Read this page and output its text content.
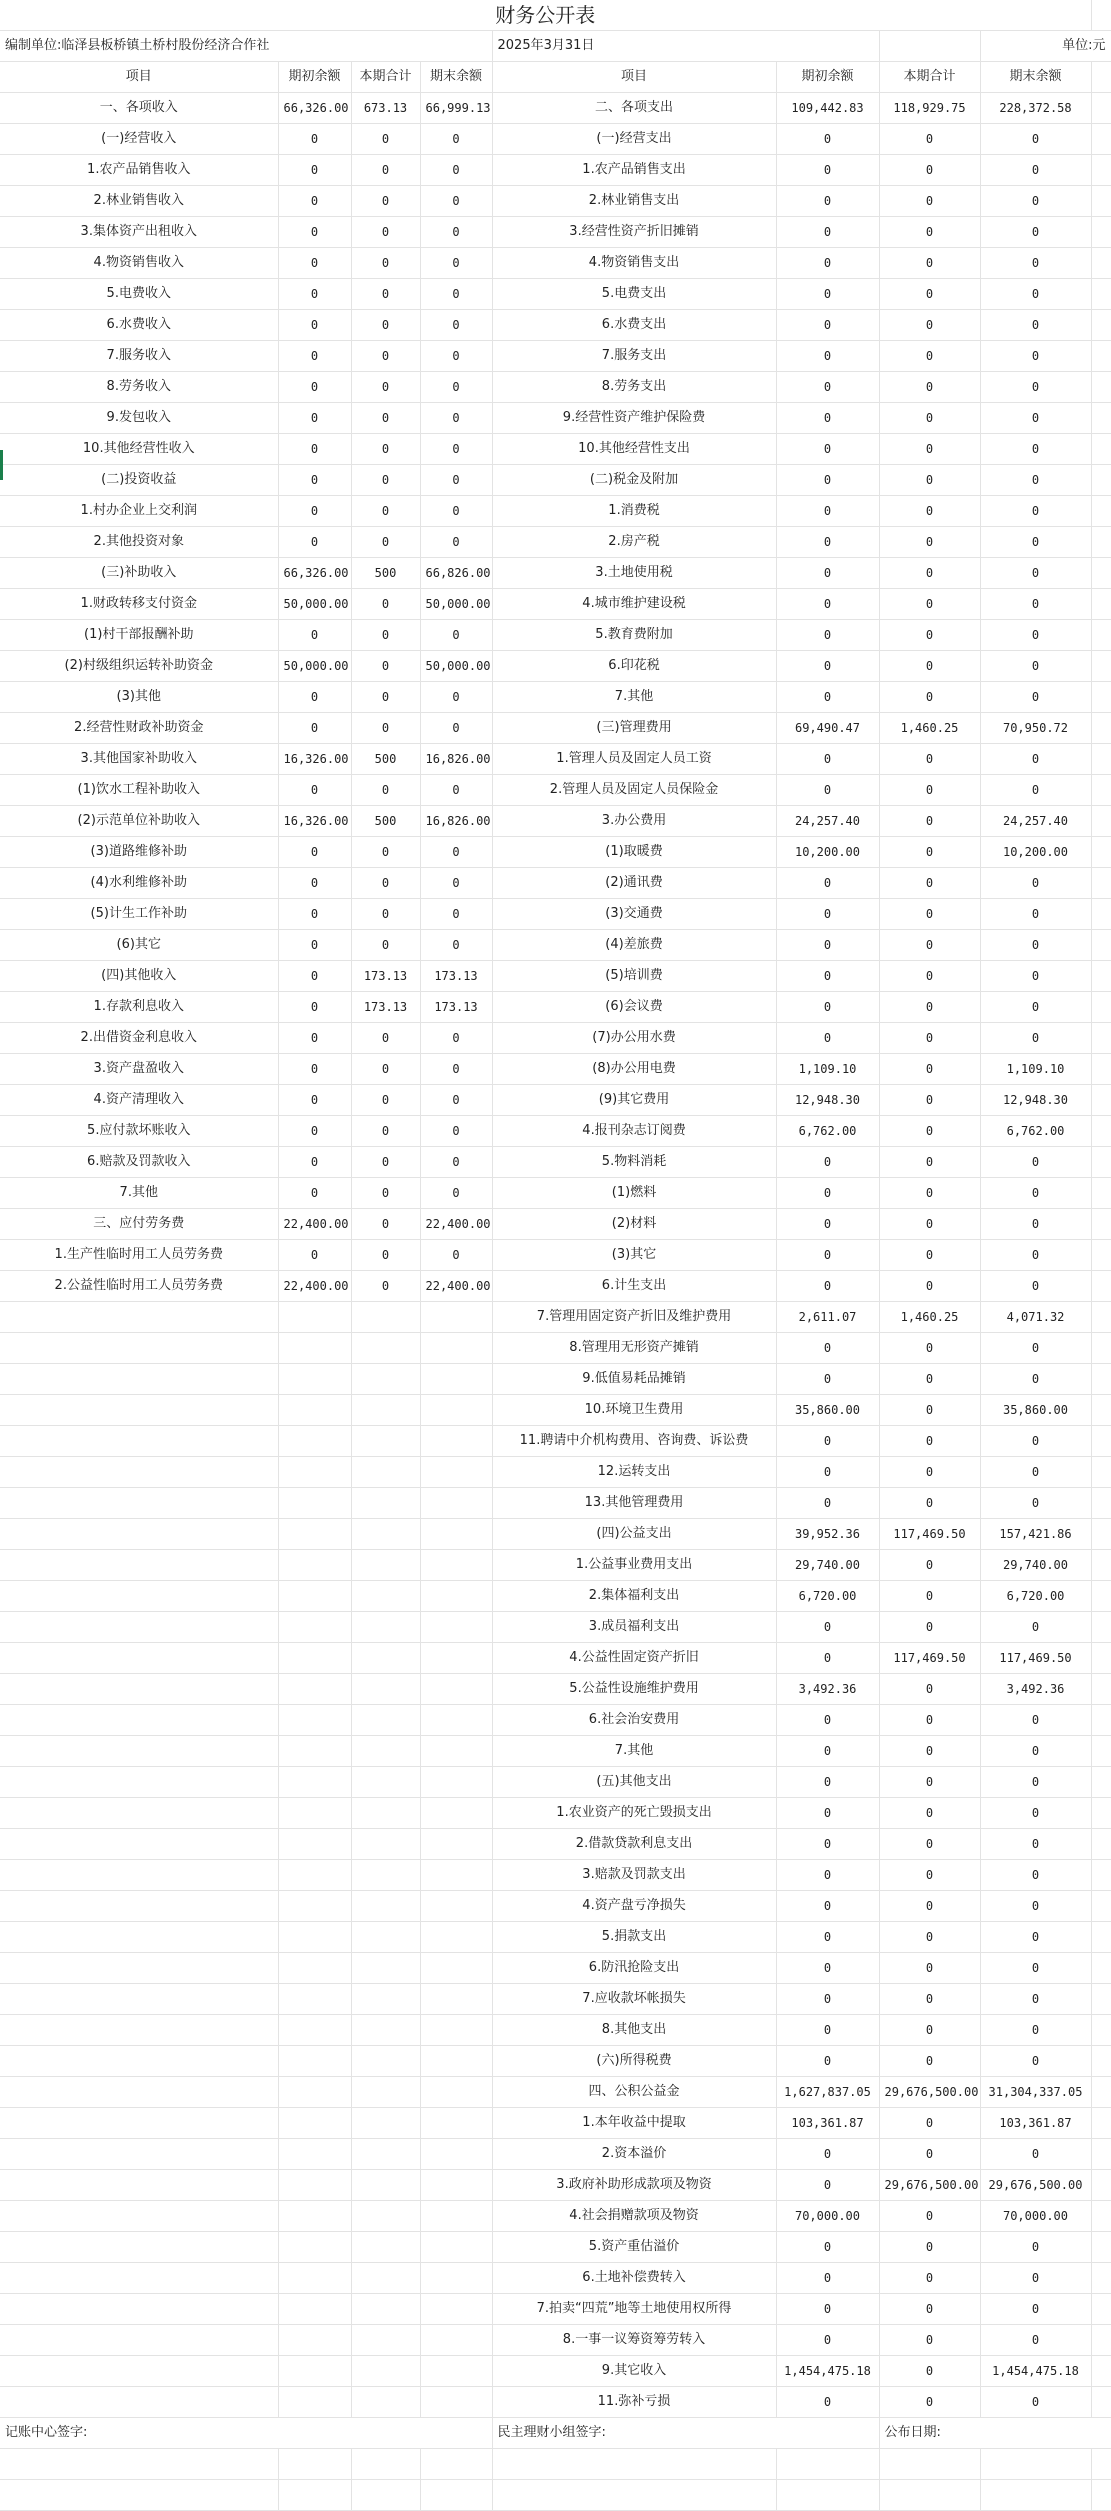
财务公开表								
编制单位:临泽县板桥镇土桥村股份经济合作社				2025年3月31日			单位:元	
项目	期初余额	本期合计	期末余额	项目	期初余额	本期合计	期末余额	
一、各项收入	66,326.00	673.13	66,999.13	二、各项支出	109,442.83	118,929.75	228,372.58	
(一)经营收入	0	0	0	(一)经营支出	0	0	0	
1.农产品销售收入	0	0	0	1.农产品销售支出	0	0	0	
2.林业销售收入	0	0	0	2.林业销售支出	0	0	0	
3.集体资产出租收入	0	0	0	3.经营性资产折旧摊销	0	0	0	
4.物资销售收入	0	0	0	4.物资销售支出	0	0	0	
5.电费收入	0	0	0	5.电费支出	0	0	0	
6.水费收入	0	0	0	6.水费支出	0	0	0	
7.服务收入	0	0	0	7.服务支出	0	0	0	
8.劳务收入	0	0	0	8.劳务支出	0	0	0	
9.发包收入	0	0	0	9.经营性资产维护保险费	0	0	0	
10.其他经营性收入	0	0	0	10.其他经营性支出	0	0	0	
(二)投资收益	0	0	0	(二)税金及附加	0	0	0	
1.村办企业上交利润	0	0	0	1.消费税	0	0	0	
2.其他投资对象	0	0	0	2.房产税	0	0	0	
(三)补助收入	66,326.00	500	66,826.00	3.土地使用税	0	0	0	
1.财政转移支付资金	50,000.00	0	50,000.00	4.城市维护建设税	0	0	0	
(1)村干部报酬补助	0	0	0	5.教育费附加	0	0	0	
(2)村级组织运转补助资金	50,000.00	0	50,000.00	6.印花税	0	0	0	
(3)其他	0	0	0	7.其他	0	0	0	
2.经营性财政补助资金	0	0	0	(三)管理费用	69,490.47	1,460.25	70,950.72	
3.其他国家补助收入	16,326.00	500	16,826.00	1.管理人员及固定人员工资	0	0	0	
(1)饮水工程补助收入	0	0	0	2.管理人员及固定人员保险金	0	0	0	
(2)示范单位补助收入	16,326.00	500	16,826.00	3.办公费用	24,257.40	0	24,257.40	
(3)道路维修补助	0	0	0	(1)取暖费	10,200.00	0	10,200.00	
(4)水利维修补助	0	0	0	(2)通讯费	0	0	0	
(5)计生工作补助	0	0	0	(3)交通费	0	0	0	
(6)其它	0	0	0	(4)差旅费	0	0	0	
(四)其他收入	0	173.13	173.13	(5)培训费	0	0	0	
1.存款利息收入	0	173.13	173.13	(6)会议费	0	0	0	
2.出借资金利息收入	0	0	0	(7)办公用水费	0	0	0	
3.资产盘盈收入	0	0	0	(8)办公用电费	1,109.10	0	1,109.10	
4.资产清理收入	0	0	0	(9)其它费用	12,948.30	0	12,948.30	
5.应付款坏账收入	0	0	0	4.报刊杂志订阅费	6,762.00	0	6,762.00	
6.赔款及罚款收入	0	0	0	5.物料消耗	0	0	0	
7.其他	0	0	0	(1)燃料	0	0	0	
三、应付劳务费	22,400.00	0	22,400.00	(2)材料	0	0	0	
1.生产性临时用工人员劳务费	0	0	0	(3)其它	0	0	0	
2.公益性临时用工人员劳务费	22,400.00	0	22,400.00	6.计生支出	0	0	0	
				7.管理用固定资产折旧及维护费用	2,611.07	1,460.25	4,071.32	
				8.管理用无形资产摊销	0	0	0	
				9.低值易耗品摊销	0	0	0	
				10.环境卫生费用	35,860.00	0	35,860.00	
				11.聘请中介机构费用、咨询费、诉讼费	0	0	0	
				12.运转支出	0	0	0	
				13.其他管理费用	0	0	0	
				(四)公益支出	39,952.36	117,469.50	157,421.86	
				1.公益事业费用支出	29,740.00	0	29,740.00	
				2.集体福利支出	6,720.00	0	6,720.00	
				3.成员福利支出	0	0	0	
				4.公益性固定资产折旧	0	117,469.50	117,469.50	
				5.公益性设施维护费用	3,492.36	0	3,492.36	
				6.社会治安费用	0	0	0	
				7.其他	0	0	0	
				(五)其他支出	0	0	0	
				1.农业资产的死亡毁损支出	0	0	0	
				2.借款贷款利息支出	0	0	0	
				3.赔款及罚款支出	0	0	0	
				4.资产盘亏净损失	0	0	0	
				5.捐款支出	0	0	0	
				6.防汛抢险支出	0	0	0	
				7.应收款坏帐损失	0	0	0	
				8.其他支出	0	0	0	
				(六)所得税费	0	0	0	
				四、公积公益金	1,627,837.05	29,676,500.00	31,304,337.05	
				1.本年收益中提取	103,361.87	0	103,361.87	
				2.资本溢价	0	0	0	
				3.政府补助形成款项及物资	0	29,676,500.00	29,676,500.00	
				4.社会捐赠款项及物资	70,000.00	0	70,000.00	
				5.资产重估溢价	0	0	0	
				6.土地补偿费转入	0	0	0	
				7.拍卖“四荒”地等土地使用权所得	0	0	0	
				8.一事一议筹资筹劳转入	0	0	0	
				9.其它收入	1,454,475.18	0	1,454,475.18	
				11.弥补亏损	0	0	0	
记账中心签字:				民主理财小组签字:		公布日期:		
